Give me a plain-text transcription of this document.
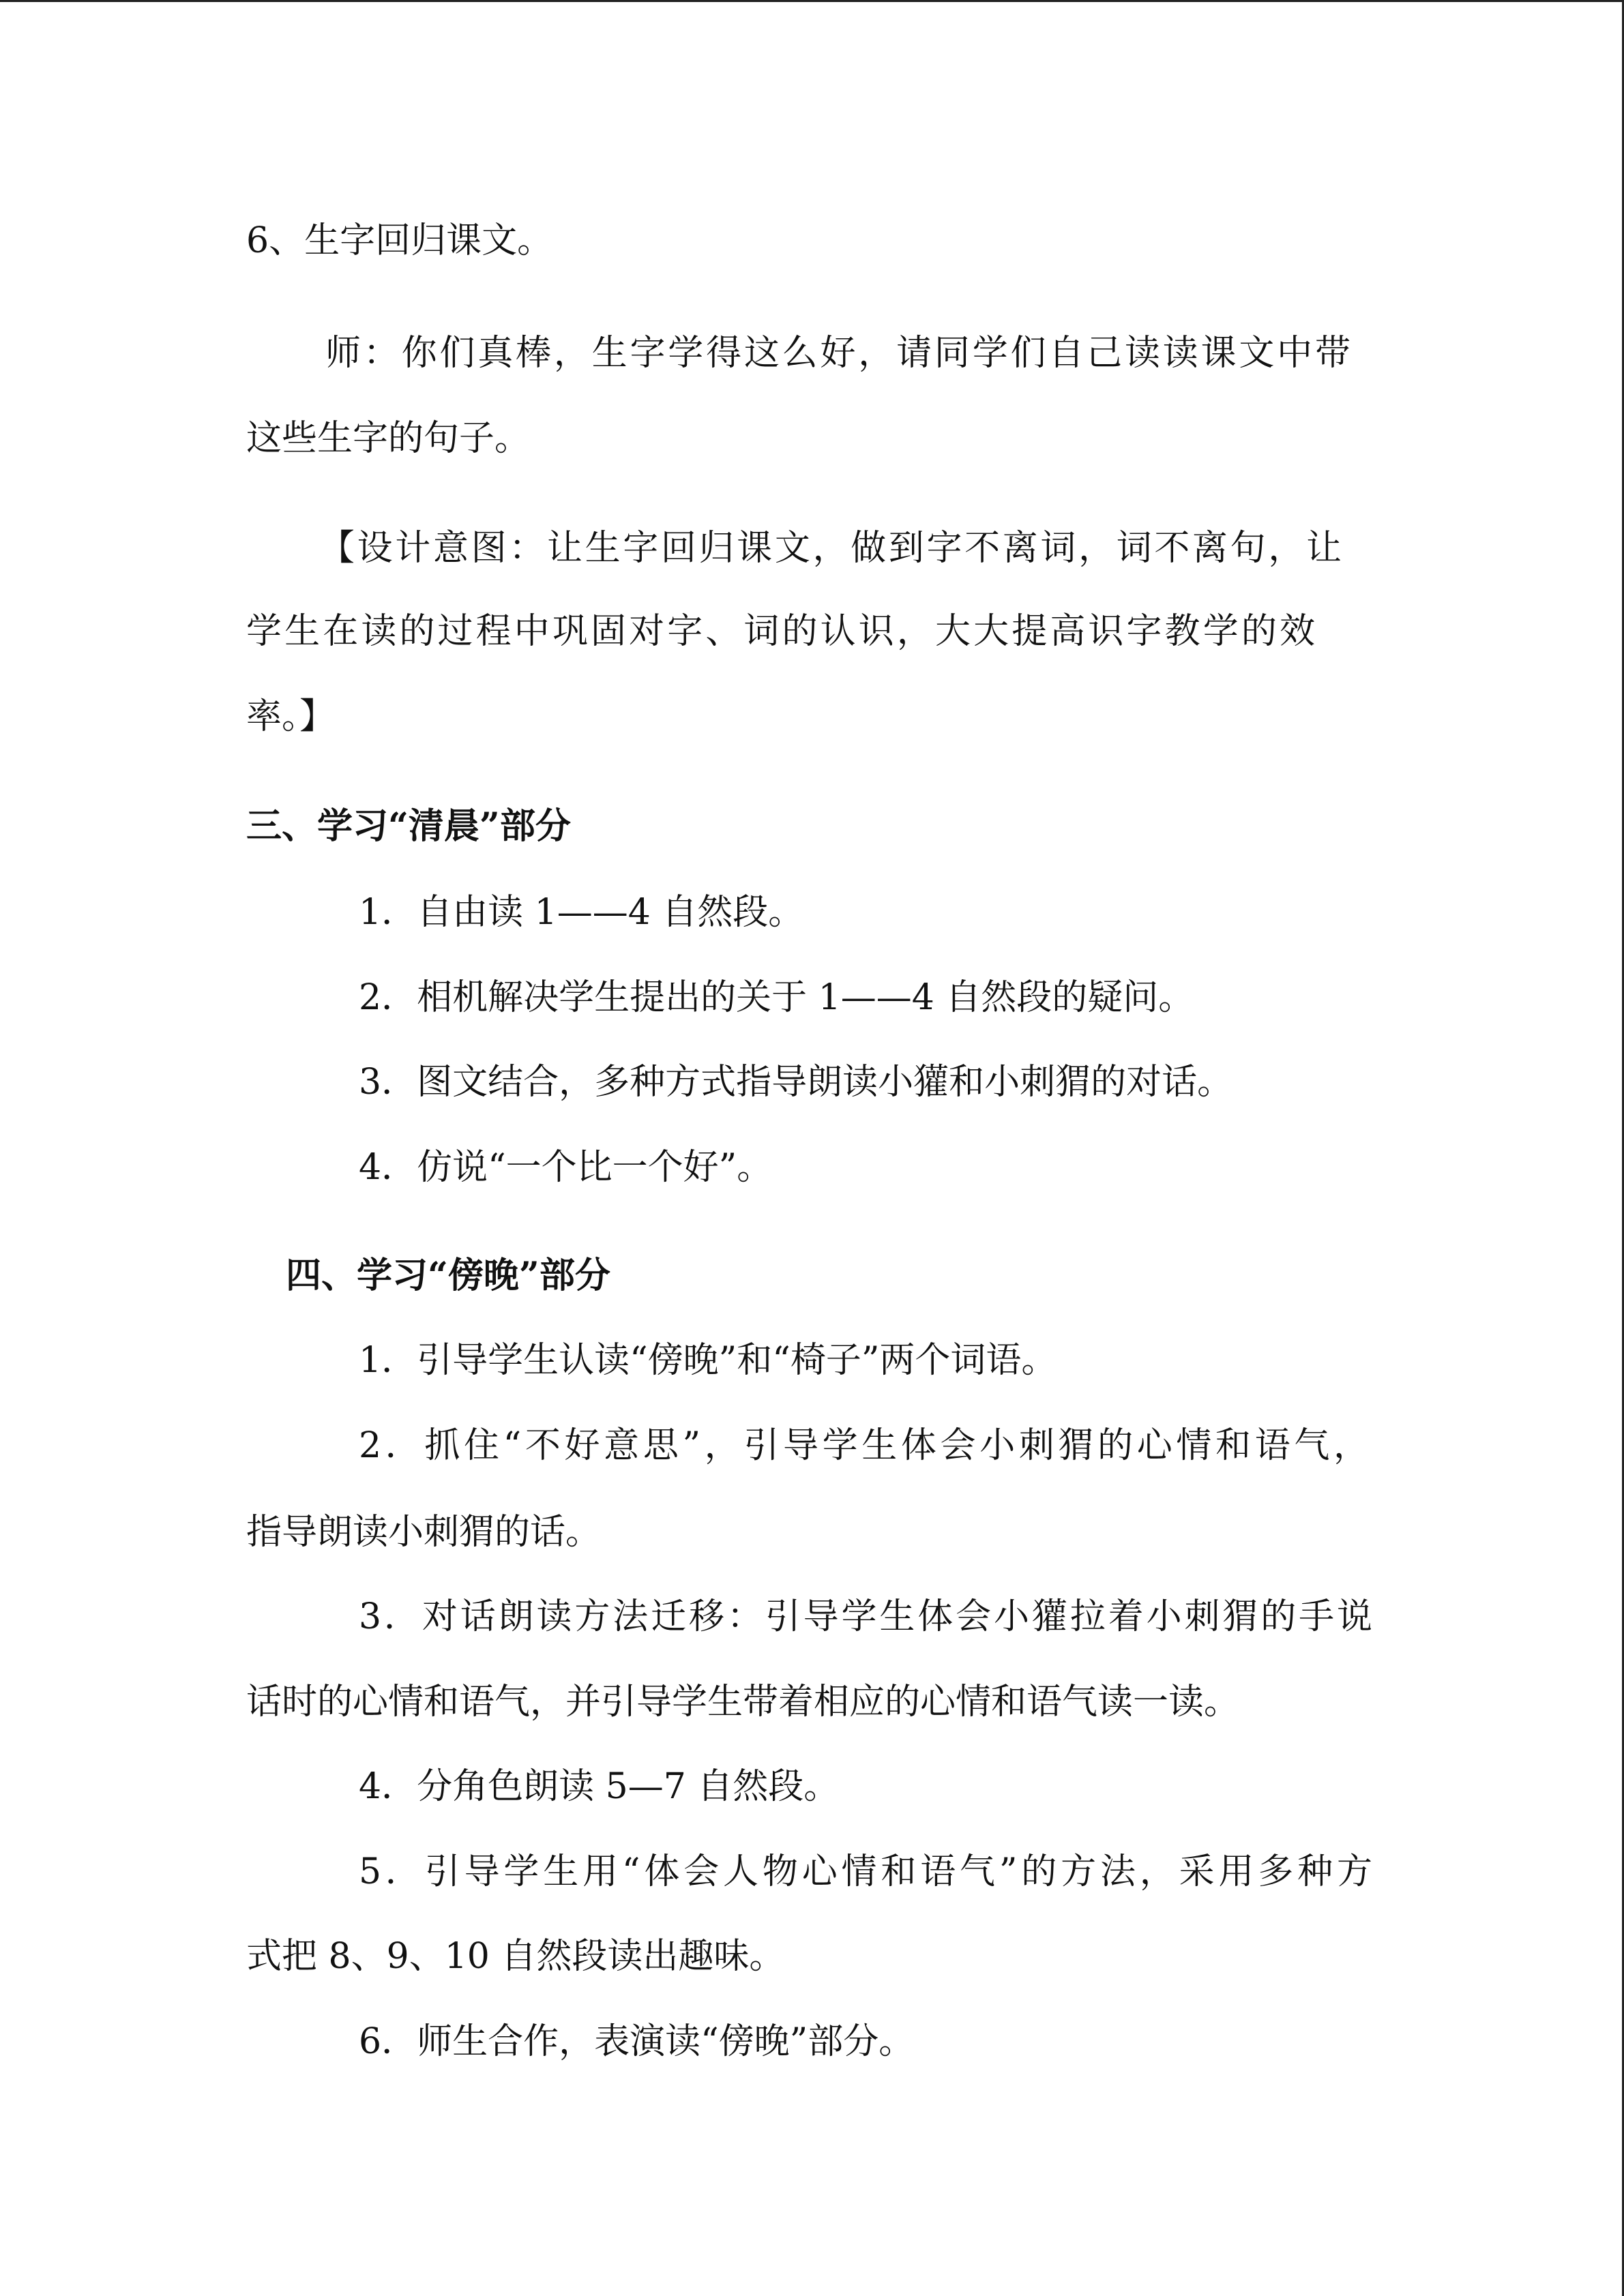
6、生字回归课文。
师：你们真棒，生字学得这么好，请同学们自己读读课文中带
这些生字的句子。
【设计意图：让生字回归课文，做到字不离词，词不离句，让
学生在读的过程中巩固对字、词的认识，大大提高识字教学的效
率。】
三、学习“清晨”部分
1．自由读 1——4 自然段。
2．相机解决学生提出的关于 1——4 自然段的疑问。
3．图文结合，多种方式指导朗读小獾和小刺猬的对话。
4．仿说“一个比一个好”。
四、学习“傍晚”部分
1．引导学生认读“傍晚”和“椅子”两个词语。
2．抓住“不好意思”，引导学生体会小刺猬的心情和语气，
指导朗读小刺猬的话。
3．对话朗读方法迁移：引导学生体会小獾拉着小刺猬的手说
话时的心情和语气，并引导学生带着相应的心情和语气读一读。
4．分角色朗读 5—7 自然段。
5．引导学生用“体会人物心情和语气”的方法，采用多种方
式把 8、9、10 自然段读出趣味。
6．师生合作，表演读“傍晚”部分。
